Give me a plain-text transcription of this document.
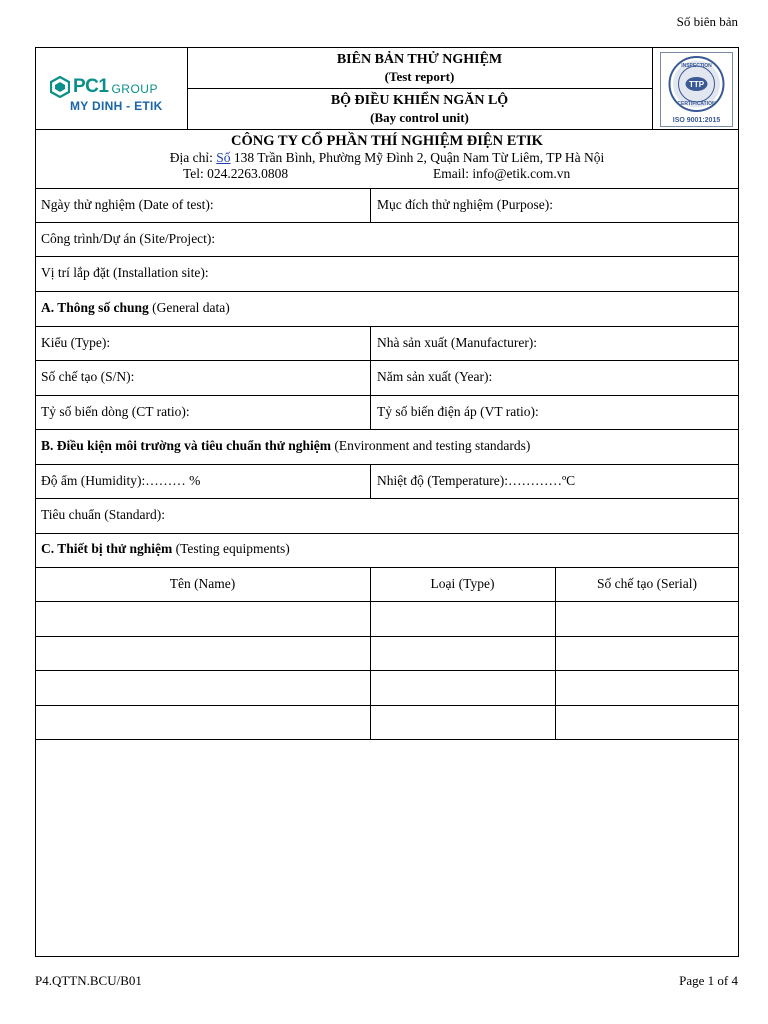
Số biên bản
PC1 GROUP
MY DINH - ETIK
BIÊN BẢN THỬ NGHIỆM
(Test report)
BỘ ĐIỀU KHIỂN NGĂN LỘ
(Bay control unit)
INSPECTION
CERTIFICATION
TTP
ISO 9001:2015
CÔNG TY CỔ PHẦN THÍ NGHIỆM ĐIỆN ETIK
Địa chỉ: Số 138 Trần Bình, Phường Mỹ Đình 2, Quận Nam Từ Liêm, TP Hà Nội
Tel: 024.2263.0808	Email: info@etik.com.vn
Ngày thử nghiệm (Date of test):	Mục đích thử nghiệm (Purpose):
Công trình/Dự án (Site/Project):
Vị trí lắp đặt (Installation site):
A. Thông số chung (General data)
Kiểu (Type):	Nhà sản xuất (Manufacturer):
Số chế tạo (S/N):	Năm sản xuất (Year):
Tỷ số biến dòng (CT ratio):	Tỷ số biến điện áp (VT ratio):
B. Điều kiện môi trường và tiêu chuẩn thử nghiệm (Environment and testing standards)
Độ ẩm (Humidity):……… %	Nhiệt độ (Temperature):…………ºC
Tiêu chuẩn (Standard):
C. Thiết bị thử nghiệm (Testing equipments)
Tên (Name)	Loại (Type)	Số chế tạo (Serial)
P4.QTTN.BCU/B01	Page 1 of 4
